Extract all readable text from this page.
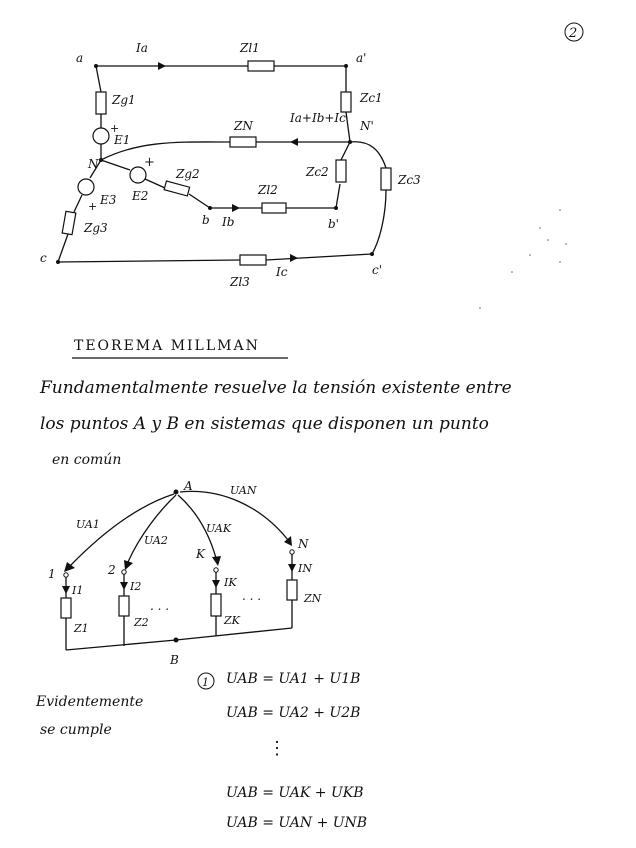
2
a	a'
Ia	Zl1
Zg1
+
E1
Zc1
ZN
Ia+Ib+Ic
N'
N	+
E2
Zg2
Zl2
Zc2
Zc3
b Ib	b'
E3
+
Zg3
c
c'
Zl3
Ic
A	UAN
UA1
UA2
UAK
1	2
K
N
I1	I2	IK
IN
Z1	Z2	ZK
ZN
. . .
. . .
B
1
TEOREMA MILLMAN
Fundamentalmente resuelve la tensión existente entre
los puntos A y B en sistemas que disponen un punto
en común
Evidentemente
se cumple
UAB = UA1 + U1B
UAB = UA2 + U2B
⋮
UAB = UAK + UKB
UAB = UAN + UNB
